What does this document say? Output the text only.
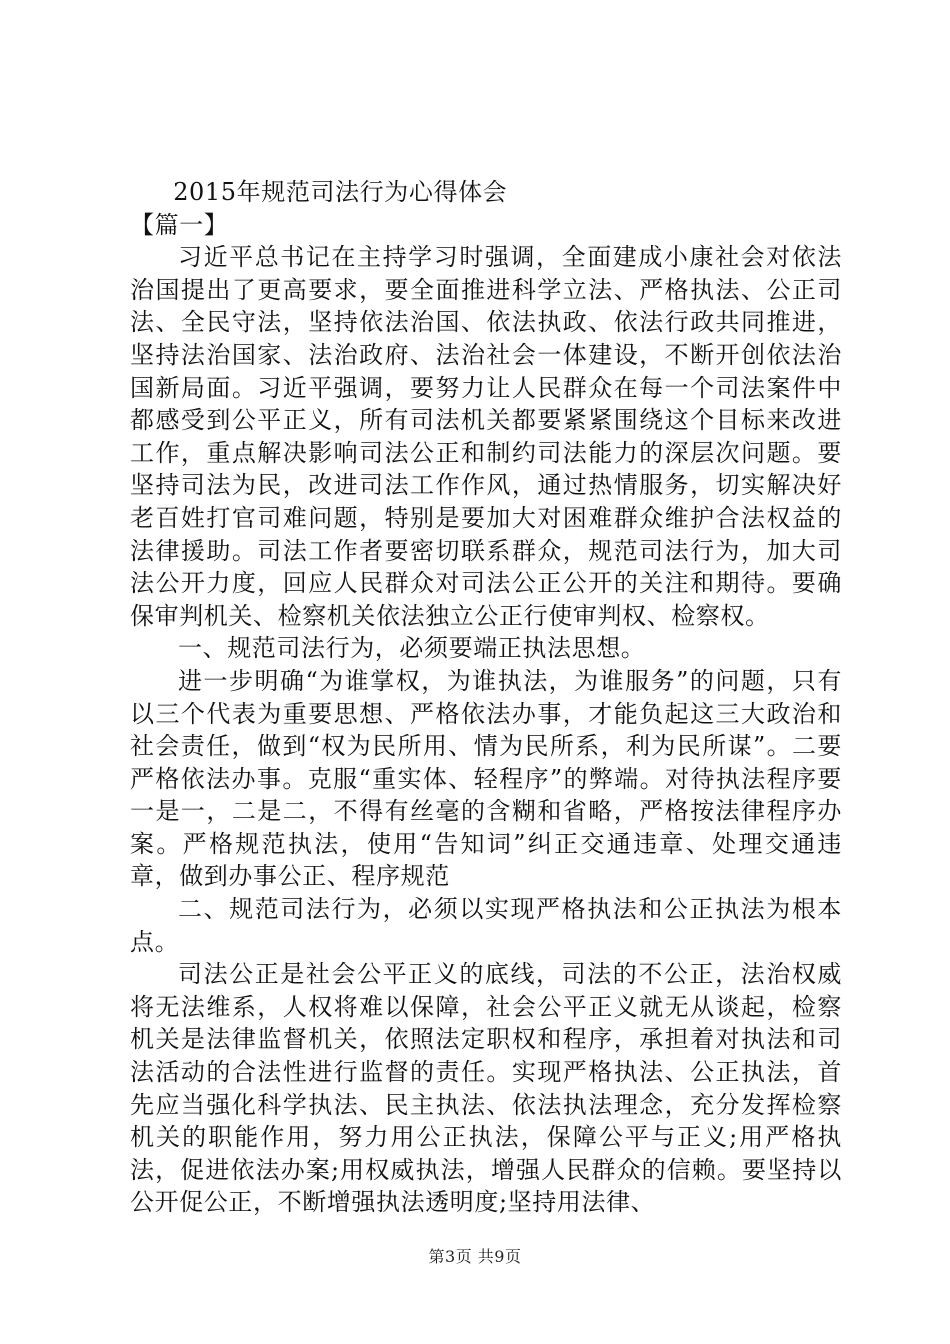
2015年规范司法行为心得体会

【篇一】

习近平总书记在主持学习时强调，全面建成小康社会对依法治国提出了更高要求，要全面推进科学立法、严格执法、公正司法、全民守法，坚持依法治国、依法执政、依法行政共同推进，坚持法治国家、法治政府、法治社会一体建设，不断开创依法治国新局面。习近平强调，要努力让人民群众在每一个司法案件中都感受到公平正义，所有司法机关都要紧紧围绕这个目标来改进工作，重点解决影响司法公正和制约司法能力的深层次问题。要坚持司法为民，改进司法工作作风，通过热情服务，切实解决好老百姓打官司难问题，特别是要加大对困难群众维护合法权益的法律援助。司法工作者要密切联系群众，规范司法行为，加大司法公开力度，回应人民群众对司法公正公开的关注和期待。要确保审判机关、检察机关依法独立公正行使审判权、检察权。

一、规范司法行为，必须要端正执法思想。

进一步明确“为谁掌权，为谁执法，为谁服务”的问题，只有以三个代表为重要思想、严格依法办事，才能负起这三大政治和社会责任，做到“权为民所用、情为民所系，利为民所谋”。二要严格依法办事。克服“重实体、轻程序”的弊端。对待执法程序要一是一，二是二，不得有丝毫的含糊和省略，严格按法律程序办案。严格规范执法，使用“告知词”纠正交通违章、处理交通违章，做到办事公正、程序规范

二、规范司法行为，必须以实现严格执法和公正执法为根本点。

司法公正是社会公平正义的底线，司法的不公正，法治权威将无法维系，人权将难以保障，社会公平正义就无从谈起，检察机关是法律监督机关，依照法定职权和程序，承担着对执法和司法活动的合法性进行监督的责任。实现严格执法、公正执法，首先应当强化科学执法、民主执法、依法执法理念，充分发挥检察机关的职能作用，努力用公正执法，保障公平与正义;用严格执法，促进依法办案;用权威执法，增强人民群众的信赖。要坚持以公开促公正，不断增强执法透明度;坚持用法律、

第3页 共9页
